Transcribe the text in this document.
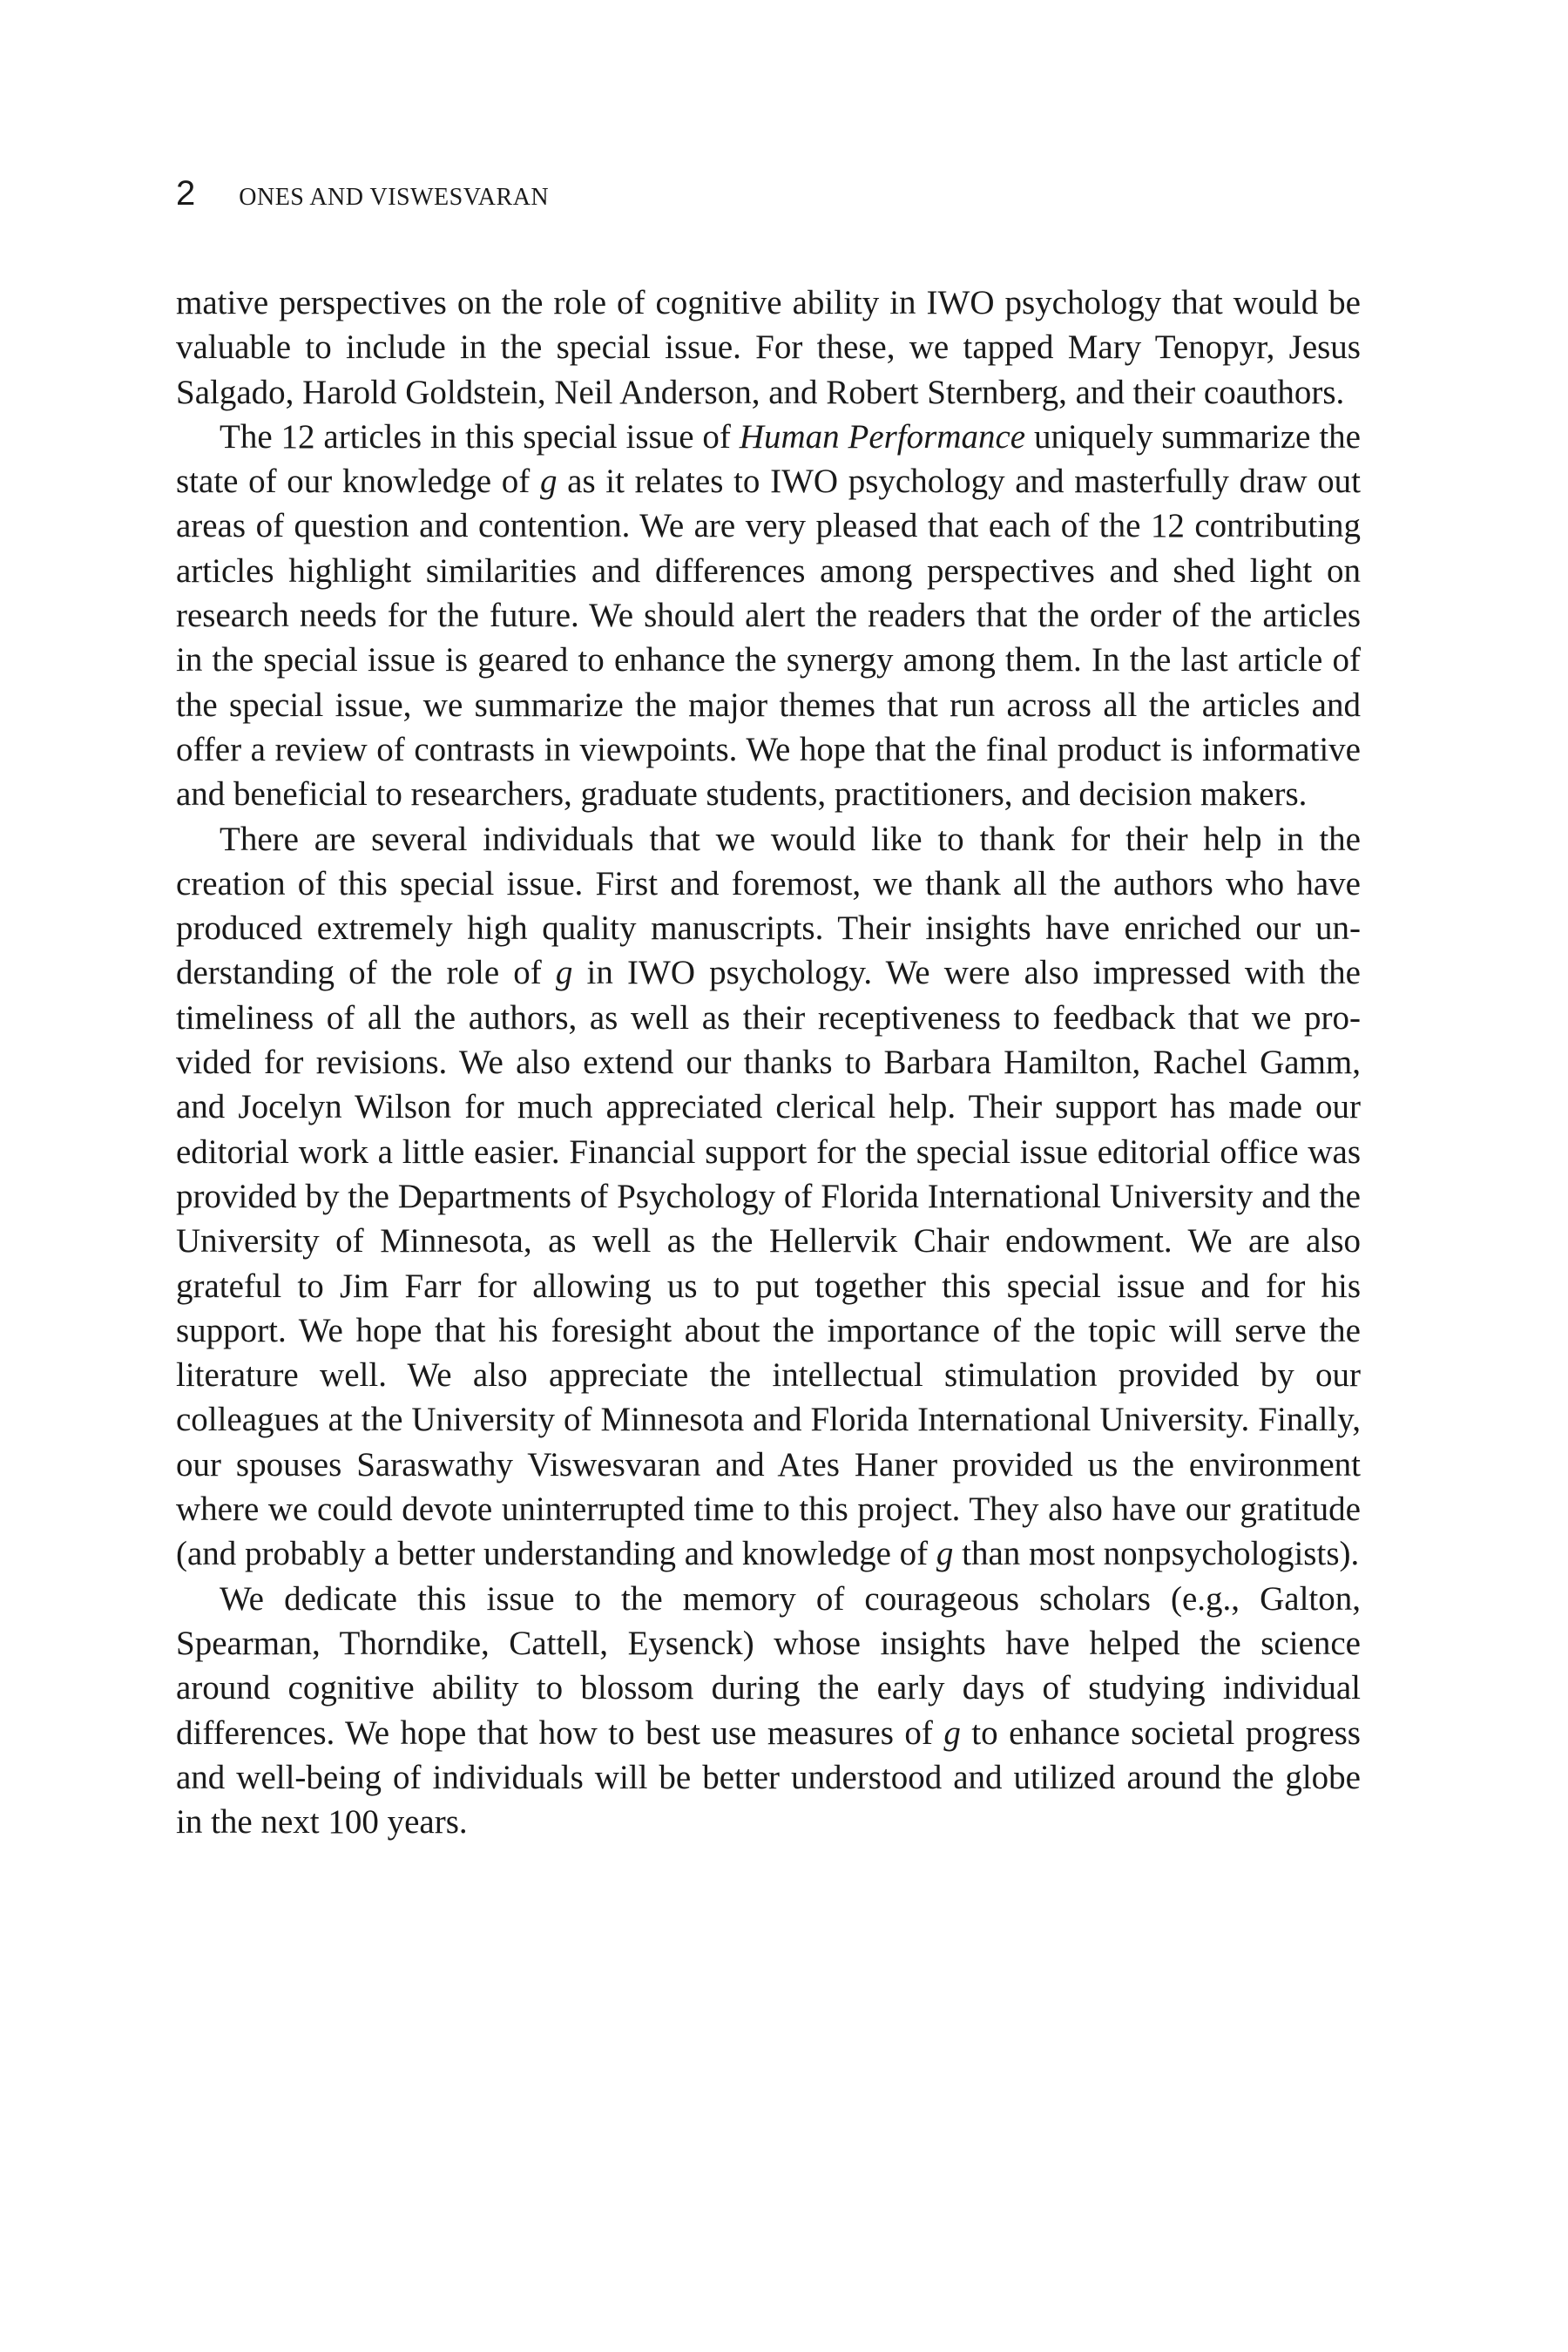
2 ONES AND VISWESVARAN

mative perspectives on the role of cognitive ability in IWO psychology that would be valuable to include in the special issue. For these, we tapped Mary Tenopyr, Jesus Salgado, Harold Goldstein, Neil Anderson, and Robert Sternberg, and their coauthors.

The 12 articles in this special issue of Human Performance uniquely summarize the state of our knowledge of g as it relates to IWO psychology and masterfully draw out areas of question and contention. We are very pleased that each of the 12 contributing articles highlight similarities and differences among perspectives and shed light on research needs for the future. We should alert the readers that the order of the articles in the special issue is geared to enhance the synergy among them. In the last article of the special issue, we summarize the major themes that run across all the articles and offer a review of contrasts in viewpoints. We hope that the final product is informative and beneficial to researchers, graduate students, practitioners, and decision makers.

There are several individuals that we would like to thank for their help in the creation of this special issue. First and foremost, we thank all the authors who have produced extremely high quality manuscripts. Their insights have enriched our understanding of the role of g in IWO psychology. We were also impressed with the timeliness of all the authors, as well as their receptiveness to feedback that we provided for revisions. We also extend our thanks to Barbara Hamilton, Rachel Gamm, and Jocelyn Wilson for much appreciated clerical help. Their support has made our editorial work a little easier. Financial support for the special issue editorial office was provided by the Departments of Psychology of Florida International University and the University of Minnesota, as well as the Hellervik Chair endowment. We are also grateful to Jim Farr for allowing us to put together this special issue and for his support. We hope that his foresight about the importance of the topic will serve the literature well. We also appreciate the intellectual stimulation provided by our colleagues at the University of Minnesota and Florida International University. Finally, our spouses Saraswathy Viswesvaran and Ates Haner provided us the environment where we could devote uninterrupted time to this project. They also have our gratitude (and probably a better understanding and knowledge of g than most nonpsychologists).

We dedicate this issue to the memory of courageous scholars (e.g., Galton, Spearman, Thorndike, Cattell, Eysenck) whose insights have helped the science around cognitive ability to blossom during the early days of studying individual differences. We hope that how to best use measures of g to enhance societal progress and well-being of individuals will be better understood and utilized around the globe in the next 100 years.
